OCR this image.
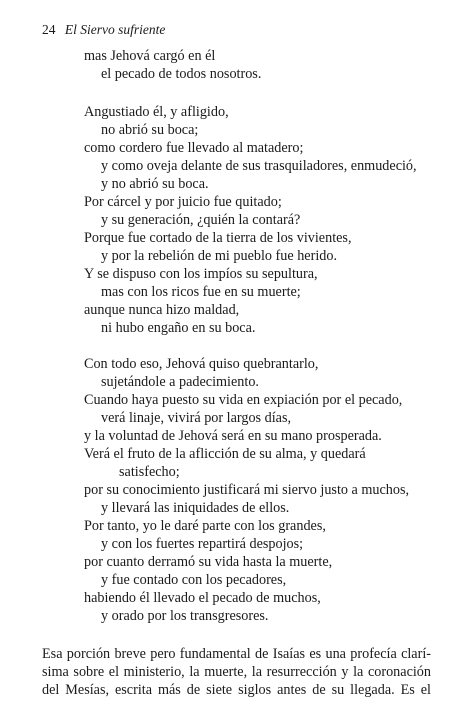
24 El Siervo sufriente
mas Jehová cargó en él
el pecado de todos nosotros.
Angustiado él, y afligido,
no abrió su boca;
como cordero fue llevado al matadero;
y como oveja delante de sus trasquiladores, enmudeció,
y no abrió su boca.
Por cárcel y por juicio fue quitado;
y su generación, ¿quién la contará?
Porque fue cortado de la tierra de los vivientes,
y por la rebelión de mi pueblo fue herido.
Y se dispuso con los impíos su sepultura,
mas con los ricos fue en su muerte;
aunque nunca hizo maldad,
ni hubo engaño en su boca.
Con todo eso, Jehová quiso quebrantarlo,
sujetándole a padecimiento.
Cuando haya puesto su vida en expiación por el pecado,
verá linaje, vivirá por largos días,
y la voluntad de Jehová será en su mano prosperada.
Verá el fruto de la aflicción de su alma, y quedará
satisfecho;
por su conocimiento justificará mi siervo justo a muchos,
y llevará las iniquidades de ellos.
Por tanto, yo le daré parte con los grandes,
y con los fuertes repartirá despojos;
por cuanto derramó su vida hasta la muerte,
y fue contado con los pecadores,
habiendo él llevado el pecado de muchos,
y orado por los transgresores.
Esa porción breve pero fundamental de Isaías es una profecía clarí-
sima sobre el ministerio, la muerte, la resurrección y la coronación
del Mesías, escrita más de siete siglos antes de su llegada. Es el
